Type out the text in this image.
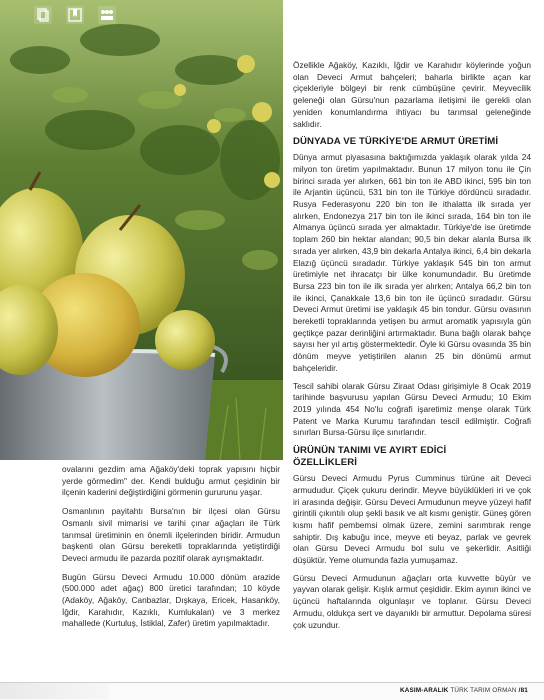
ovalarını gezdim ama Ağaköy'deki toprak yapısını hiçbir yerde görmedim" der. Kendi bulduğu armut çeşidinin bir ilçenin kaderini değiştirdiğini görmenin gururunu yaşar.

Osmanlının payitahtı Bursa'nın bir ilçesi olan Gürsu Osmanlı sivil mimarisi ve tarihi çınar ağaçları ile Türk tarımsal üretiminin en önemli ilçelerinden biridir. Armudun başkenti olan Gürsu bereketli topraklarında yetiştirdiği Deveci armudu ile pazarda pozitif olarak ayrışmaktadır.

Bugün Gürsu Deveci Armudu 10.000 dönüm arazide (500.000 adet ağaç) 800 üretici tarafından; 10 köyde (Adaköy, Ağaköy, Canbazlar, Dışkaya, Ericek, Hasanköy, İğdir, Karahıdır, Kazıklı, Kumlukalan) ve 3 merkez mahallede (Kurtuluş, İstiklal, Zafer) üretim yapılmaktadır.

Özellikle Ağaköy, Kazıklı, İğdir ve Karahıdır köylerinde yoğun olan Deveci Armut bahçeleri; baharla birlikte açan kar çiçekleriyle bölgeyi bir renk cümbüşüne çevirir. Meyvecilik geleneği olan Gürsu'nun pazarlama iletişimi ile gerekli olan yeniden konumlandırma ihtiyacı bu tarımsal geleneğinde saklıdır.

DÜNYADA VE TÜRKİYE'DE ARMUT ÜRETİMİ

Dünya armut piyasasına baktığımızda yaklaşık olarak yılda 24 milyon ton üretim yapılmaktadır. Bunun 17 milyon tonu ile Çin birinci sırada yer alırken, 661 bin ton ile ABD ikinci, 595 bin ton ile Arjantin üçüncü, 531 bin ton ile Türkiye dördüncü sıradadır. Rusya Federasyonu 220 bin ton ile ithalatta ilk sırada yer alırken, Endonezya 217 bin ton ile ikinci sırada, 164 bin ton ile Almanya üçüncü sırada yer almaktadır. Türkiye'de ise üretimde toplam 260 bin hektar alandan; 90,5 bin dekar alanla Bursa ilk sırada yer alırken, 43,9 bin dekarla Antalya ikinci, 6,4 bin dekarla Elazığ üçüncü sıradadır. Türkiye yaklaşık 545 bin ton armut üretimiyle net ihracatçı bir ülke konumundadır. Bu üretimde Bursa 223 bin ton ile ilk sırada yer alırken; Antalya 66,2 bin ton ile ikinci, Çanakkale 13,6 bin ton ile üçüncü sıradadır. Gürsu Deveci Armut üretimi ise yaklaşık 45 bin tondur. Gürsu ovasının bereketli topraklarında yetişen bu armut aromatik yapısıyla gün geçtikçe pazar derinliğini artırmaktadır. Buna bağlı olarak bahçe sayısı her yıl artış göstermektedir. Öyle ki Gürsu ovasında 35 bin dönüm meyve yetiştirilen alanın 25 bin dönümü armut bahçeleridir.

Tescil sahibi olarak Gürsu Ziraat Odası girişimiyle 8 Ocak 2019 tarihinde başvurusu yapılan Gürsu Deveci Armudu; 10 Ekim 2019 yılında 454 No'lu coğrafi işaretimiz menşe olarak Türk Patent ve Marka Kurumu tarafından tescil edilmiştir. Coğrafi sınırları Bursa-Gürsu ilçe sınırlarıdır.

ÜRÜNÜN TANIMI VE AYIRT EDİCİ
ÖZELLİKLERİ

Gürsu Deveci Armudu Pyrus Cumminus türüne ait Deveci armududur. Çiçek çukuru derindir. Meyve büyüklükleri iri ve çok iri arasında değişir. Gürsu Deveci Armudunun meyve yüzeyi hafif girintili çıkıntılı olup şekli basık ve alt kısmı geniştir. Güneş gören kısmı hafif pembemsi olmak üzere, zemini sarımtırak renge sahiptir. Dış kabuğu ince, meyve eti beyaz, parlak ve gevrek olan Gürsu Deveci Armudu bol sulu ve şekerlidir. Asitliği düşüktür. Yeme olumunda fazla yumuşamaz.

Gürsu Deveci Armudunun ağaçları orta kuvvette büyür ve yayvan olarak gelişir. Kışlık armut çeşididir. Ekim ayının ikinci ve üçüncü haftalarında olgunlaşır ve toplanır. Gürsu Deveci Armudu, oldukça sert ve dayanıklı bir armuttur. Depolama süresi çok uzundur.

KASIM-ARALIK TÜRK TARIM ORMAN /81
